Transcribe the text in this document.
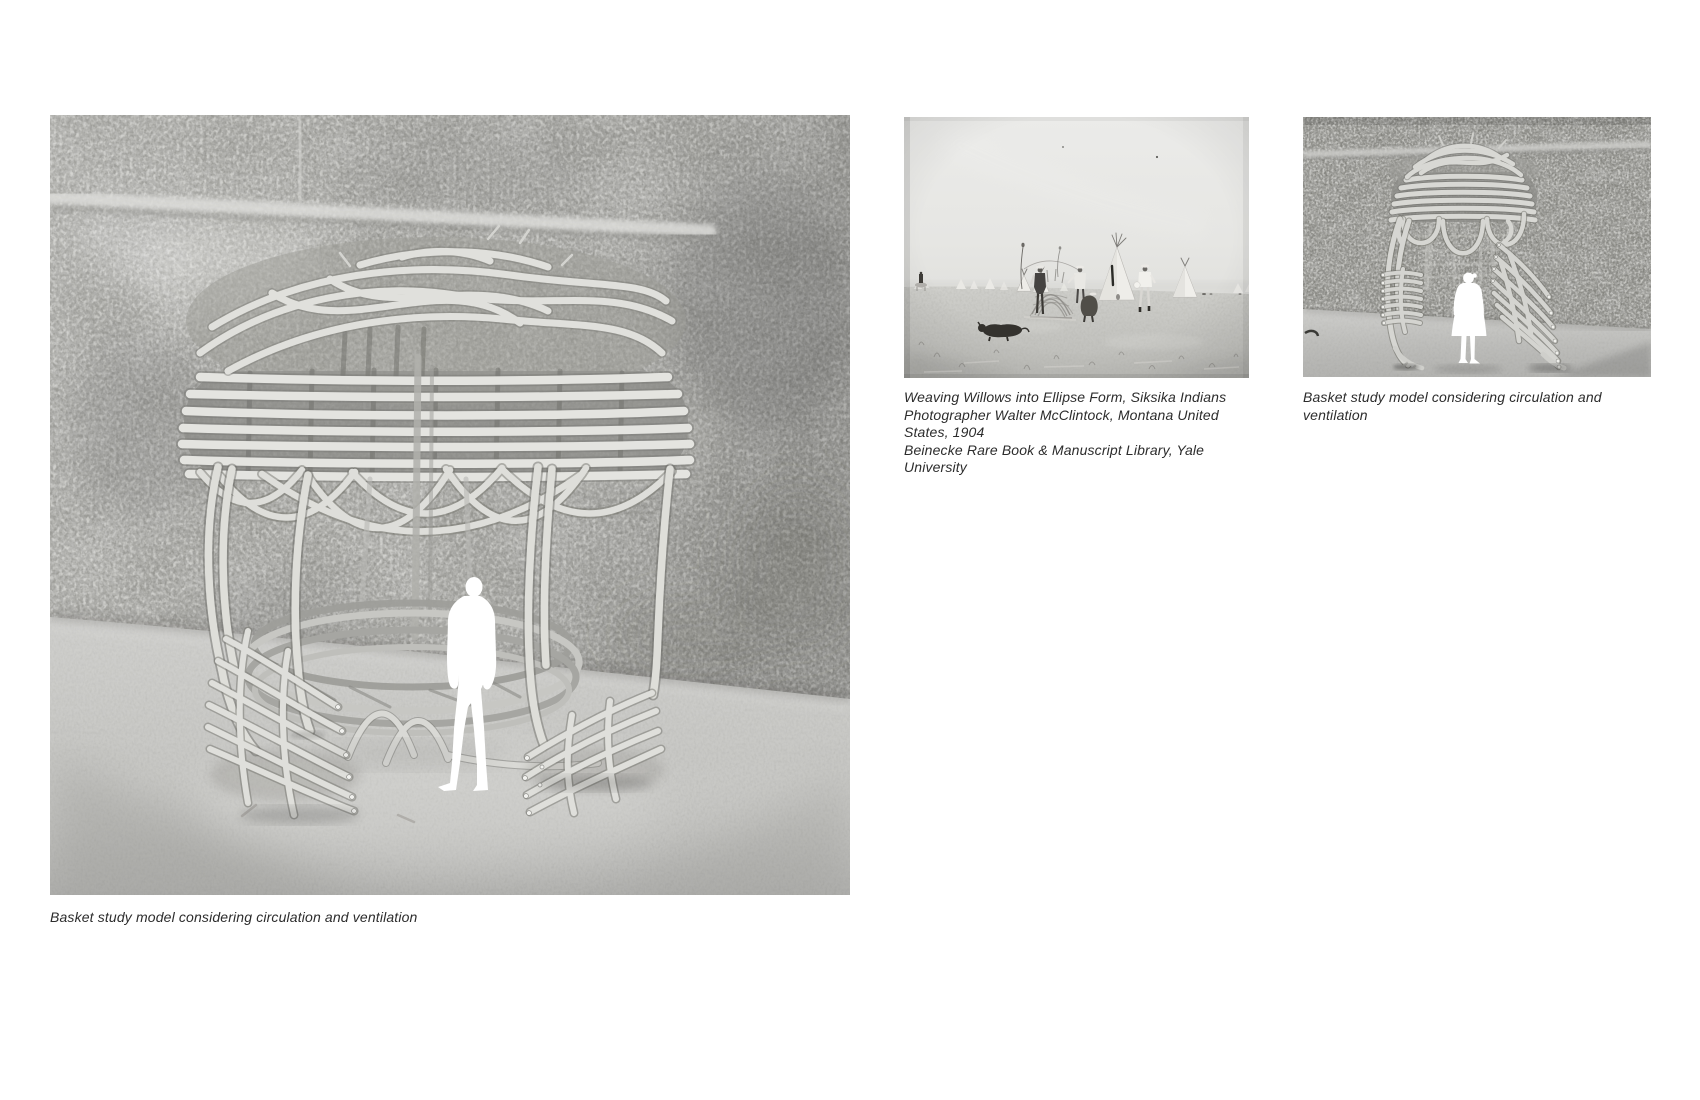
Basket study model considering circulation and ventilation
Weaving Willows into Ellipse Form, Siksika Indians
Photographer Walter McClintock, Montana United
States, 1904
Beinecke Rare Book & Manuscript Library, Yale
University
Basket study model considering circulation and
ventilation
